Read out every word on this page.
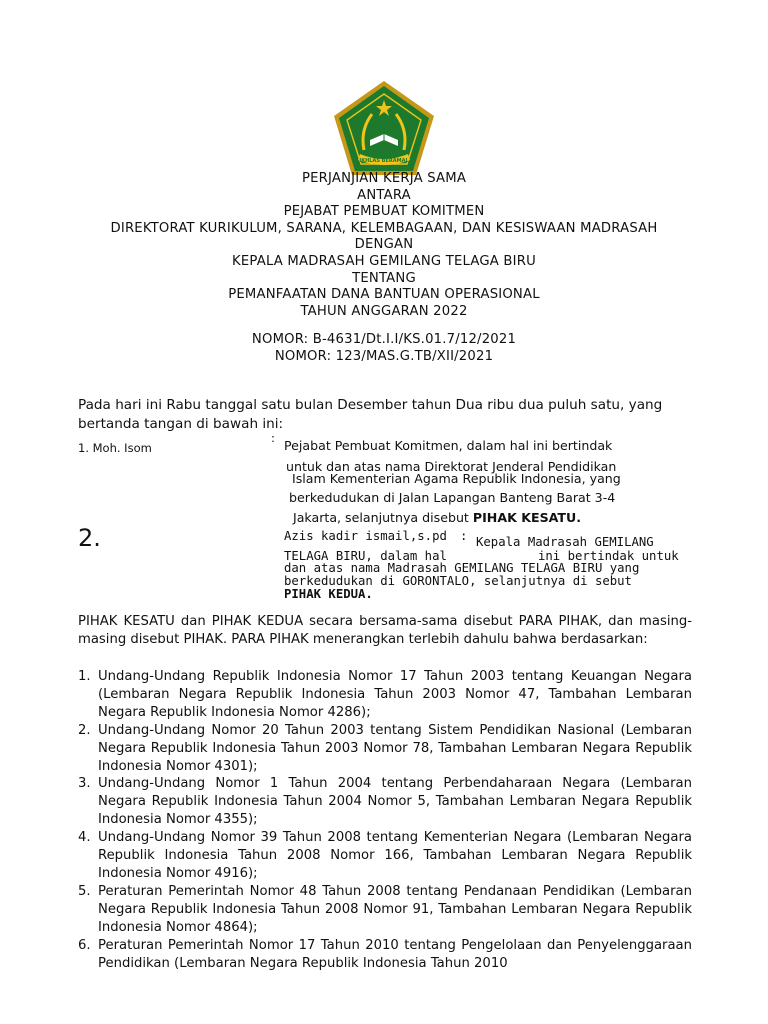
IKHLAS BERAMAL
PERJANJIAN KERJA SAMA
ANTARA
PEJABAT PEMBUAT KOMITMEN
DIREKTORAT KURIKULUM, SARANA, KELEMBAGAAN, DAN KESISWAAN MADRASAH
DENGAN
KEPALA MADRASAH GEMILANG TELAGA BIRU
TENTANG
PEMANFAATAN DANA BANTUAN OPERASIONAL
TAHUN ANGGARAN 2022
NOMOR: B-4631/Dt.I.I/KS.01.7/12/2021
NOMOR: 123/MAS.G.TB/XII/2021
Pada hari ini Rabu tanggal satu bulan Desember tahun Dua ribu dua puluh satu, yang
bertanda tangan di bawah ini:
1. Moh. Isom
: Pejabat Pembuat Komitmen, dalam hal ini bertindak
untuk dan atas nama Direktorat Jenderal Pendidikan
Islam Kementerian Agama Republik Indonesia, yang
berkedudukan di Jalan Lapangan Banteng Barat 3-4
Jakarta, selanjutnya disebut PIHAK KESATU.
2.	Azis kadir ismail,s.pd : Kepala Madrasah GEMILANG
TELAGA BIRU, dalam hal	ini bertindak untuk
dan atas nama Madrasah GEMILANG TELAGA BIRU yang
berkedudukan di GORONTALO, selanjutnya di sebut
PIHAK KEDUA.
PIHAK KESATU dan PIHAK KEDUA secara bersama-sama disebut PARA PIHAK, dan masing-masing disebut PIHAK. PARA PIHAK menerangkan terlebih dahulu bahwa berdasarkan:
1. Undang-Undang Republik Indonesia Nomor 17 Tahun 2003 tentang Keuangan Negara (Lembaran Negara Republik Indonesia Tahun 2003 Nomor 47, Tambahan Lembaran Negara Republik Indonesia Nomor 4286);
2. Undang-Undang Nomor 20 Tahun 2003 tentang Sistem Pendidikan Nasional (Lembaran Negara Republik Indonesia Tahun 2003 Nomor 78, Tambahan Lembaran Negara Republik Indonesia Nomor 4301);
3. Undang-Undang Nomor 1 Tahun 2004 tentang Perbendaharaan Negara (Lembaran Negara Republik Indonesia Tahun 2004 Nomor 5, Tambahan Lembaran Negara Republik Indonesia Nomor 4355);
4. Undang-Undang Nomor 39 Tahun 2008 tentang Kementerian Negara (Lembaran Negara Republik Indonesia Tahun 2008 Nomor 166, Tambahan Lembaran Negara Republik Indonesia Nomor 4916);
5. Peraturan Pemerintah Nomor 48 Tahun 2008 tentang Pendanaan Pendidikan (Lembaran Negara Republik Indonesia Tahun 2008 Nomor 91, Tambahan Lembaran Negara Republik Indonesia Nomor 4864);
6. Peraturan Pemerintah Nomor 17 Tahun 2010 tentang Pengelolaan dan Penyelenggaraan Pendidikan (Lembaran Negara Republik Indonesia Tahun 2010
